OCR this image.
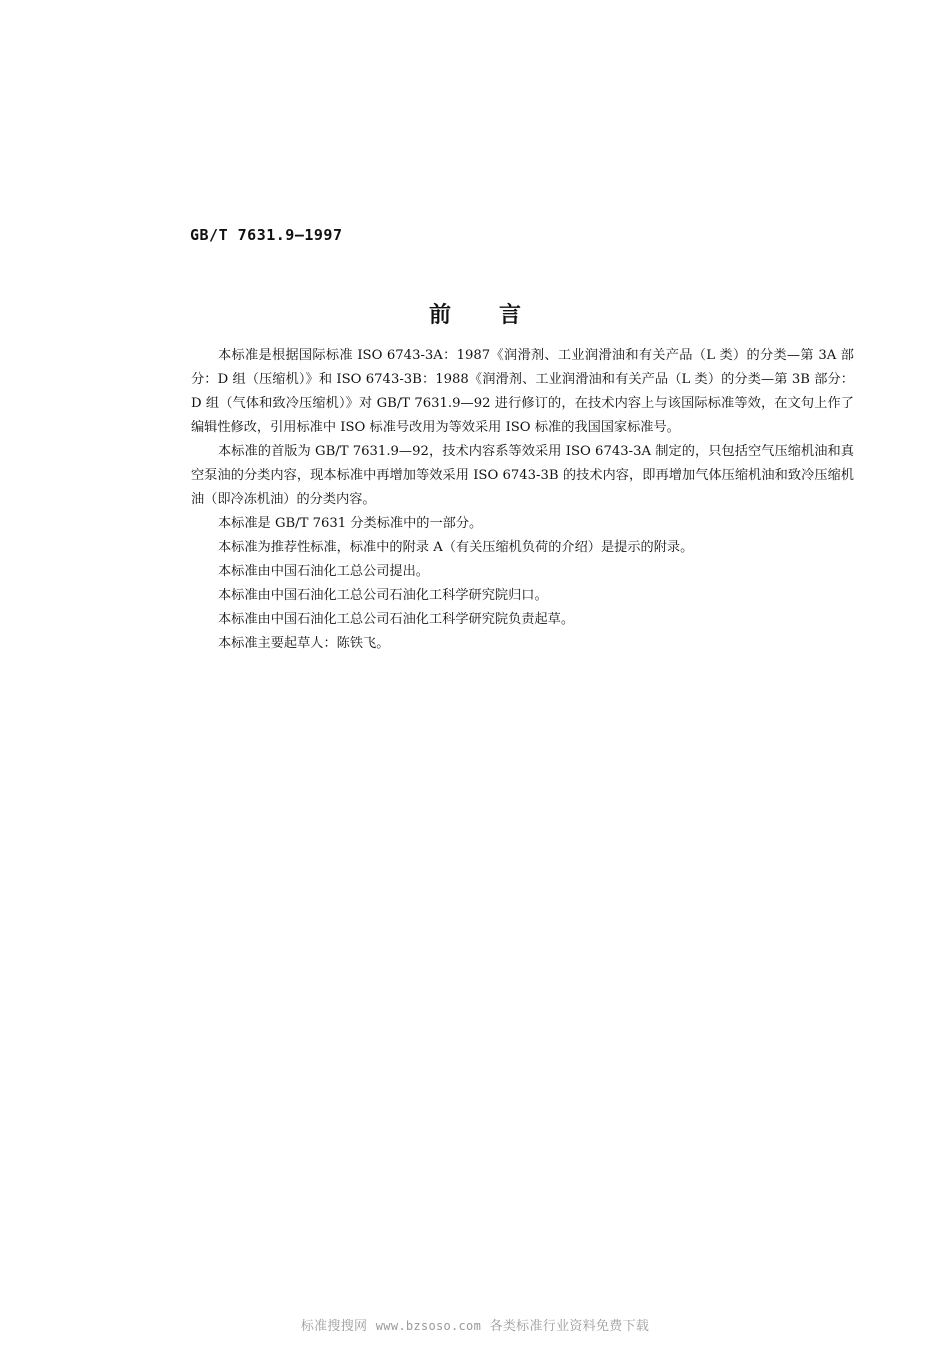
GB/T 7631.9—1997
前言

本标准是根据国际标准 ISO 6743-3A：1987《润滑剂、工业润滑油和有关产品（L 类）的分类—第 3A 部分：D 组（压缩机）》和 ISO 6743-3B：1988《润滑剂、工业润滑油和有关产品（L 类）的分类—第 3B 部分：D 组（气体和致冷压缩机）》对 GB/T 7631.9—92 进行修订的，在技术内容上与该国际标准等效，在文句上作了编辑性修改，引用标准中 ISO 标准号改用为等效采用 ISO 标准的我国国家标准号。

本标准的首版为 GB/T 7631.9—92，技术内容系等效采用 ISO 6743-3A 制定的，只包括空气压缩机油和真空泵油的分类内容，现本标准中再增加等效采用 ISO 6743-3B 的技术内容，即再增加气体压缩机油和致冷压缩机油（即冷冻机油）的分类内容。

本标准是 GB/T 7631 分类标准中的一部分。

本标准为推荐性标准，标准中的附录 A（有关压缩机负荷的介绍）是提示的附录。

本标准由中国石油化工总公司提出。

本标准由中国石油化工总公司石油化工科学研究院归口。

本标准由中国石油化工总公司石油化工科学研究院负责起草。

本标准主要起草人：陈铁飞。

标准搜搜网 www.bzsoso.com 各类标准行业资料免费下载
